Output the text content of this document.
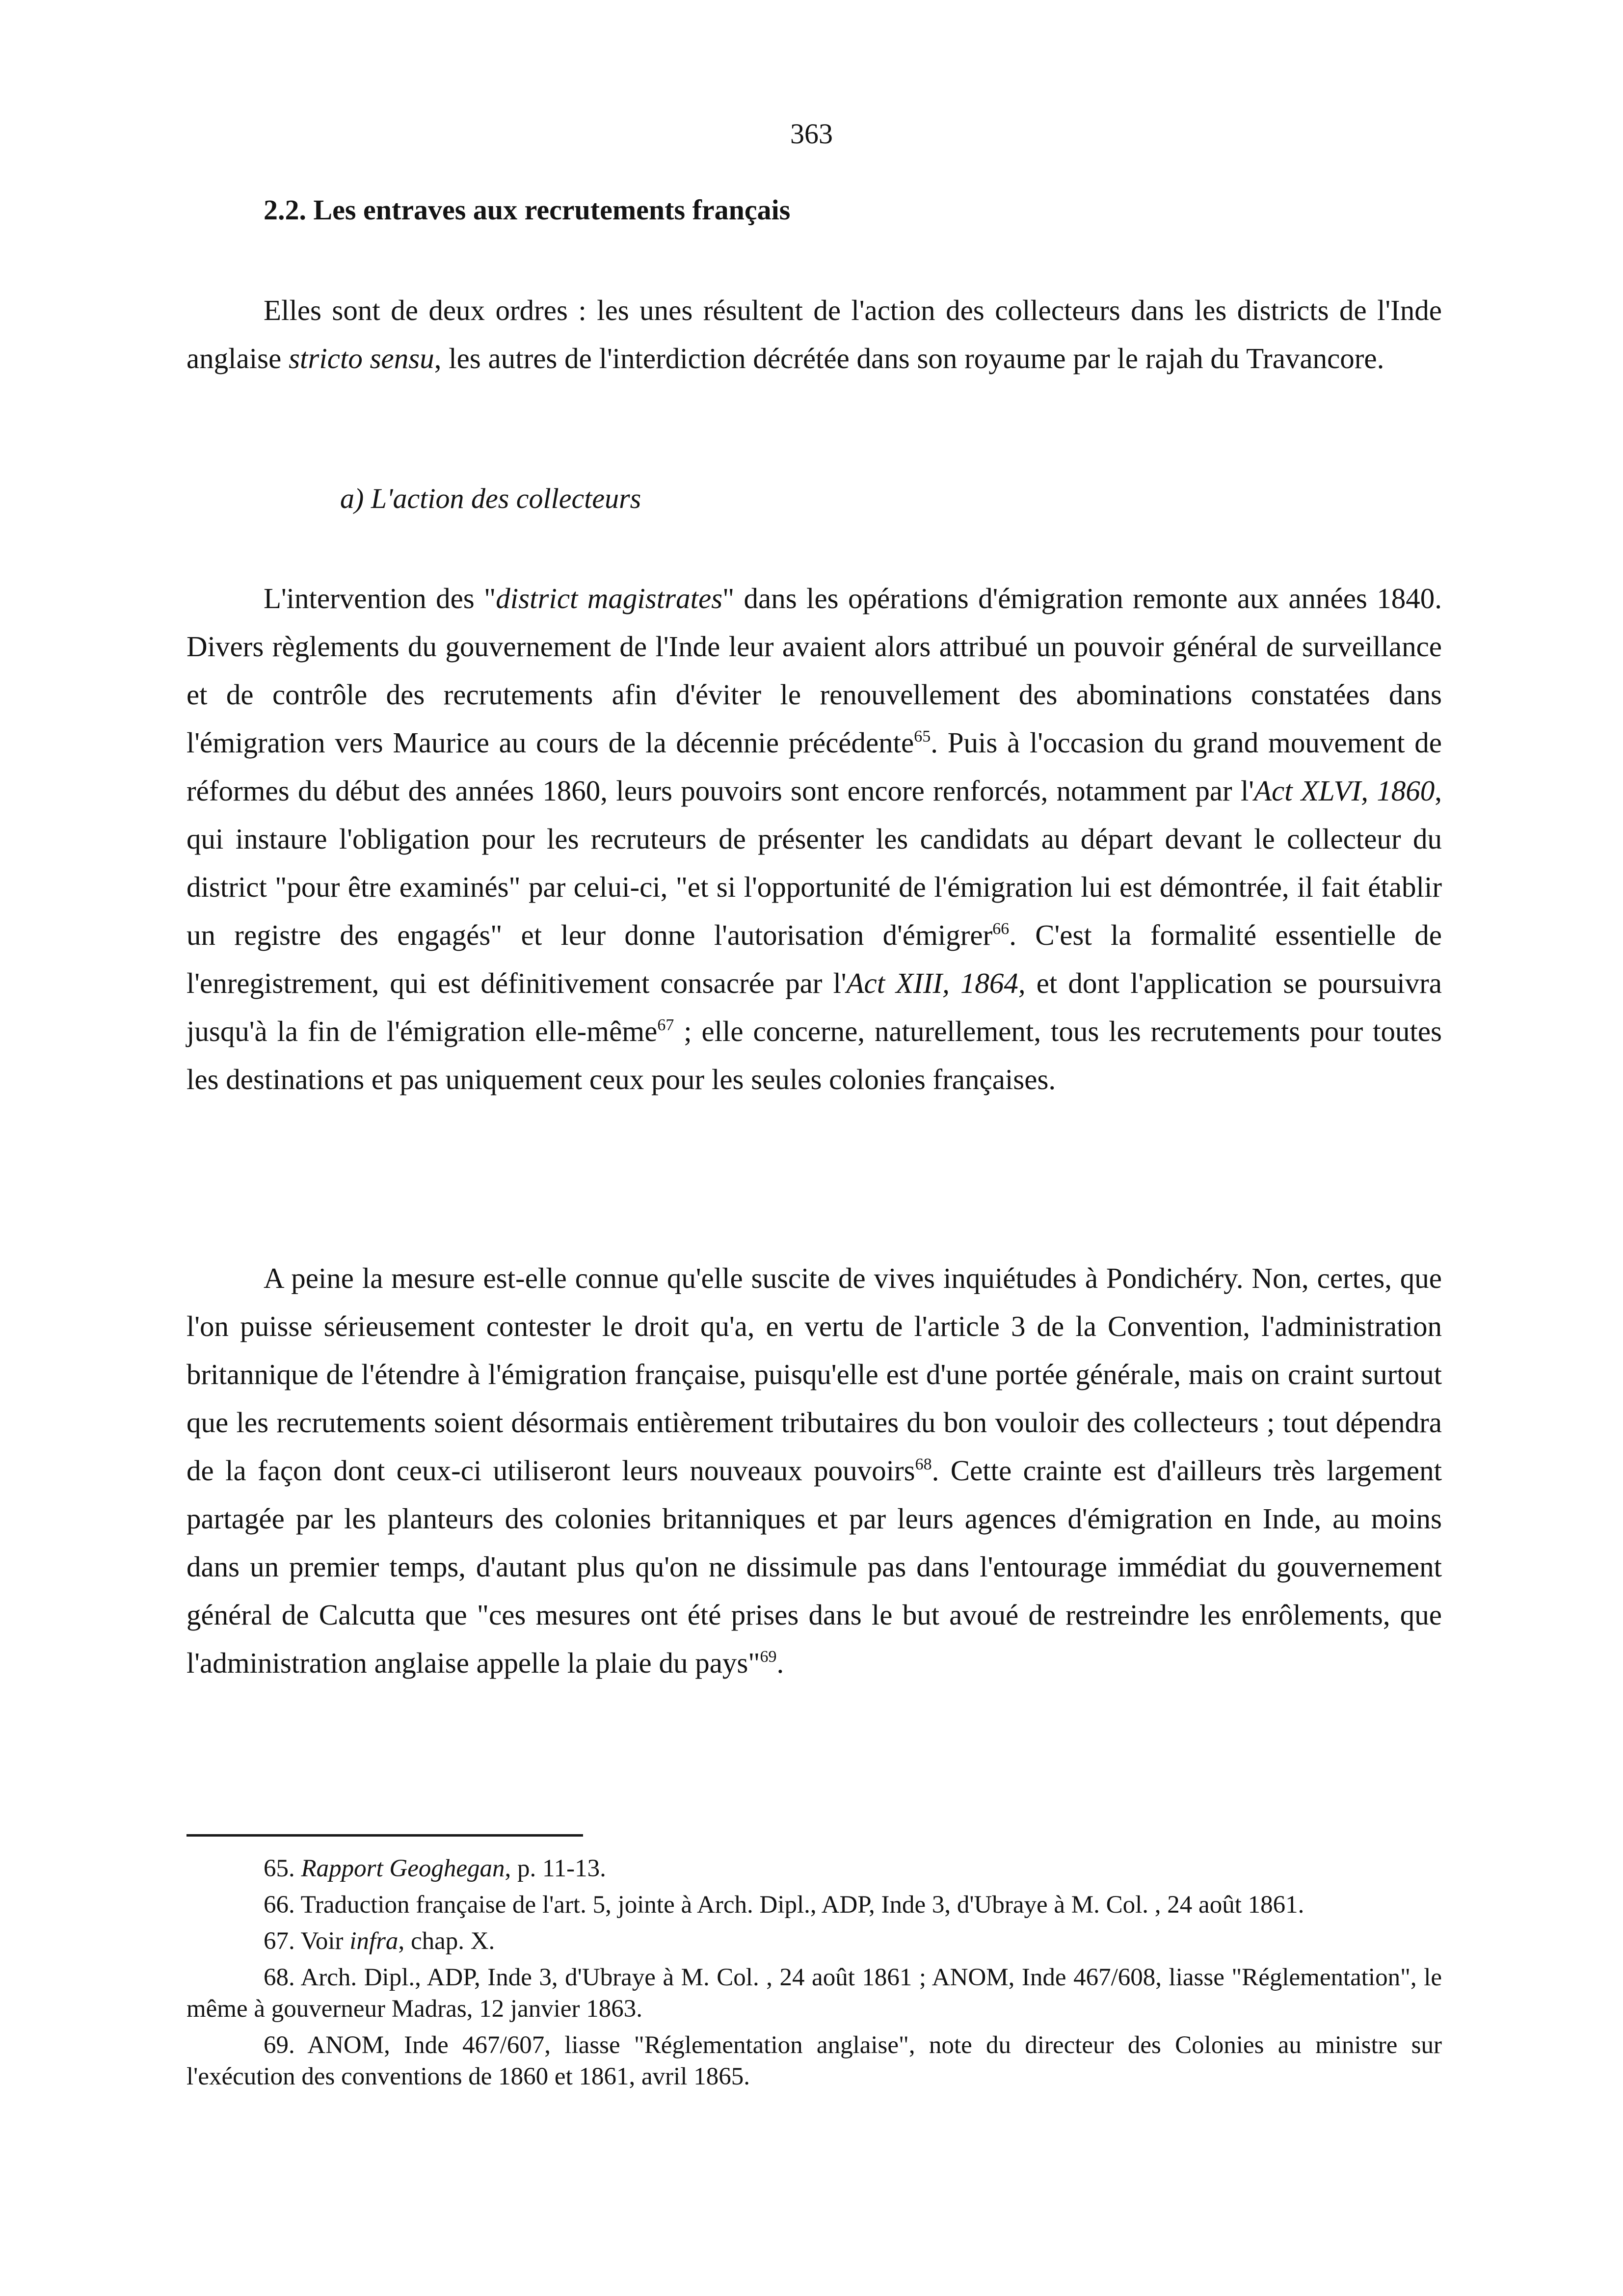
363
2.2. Les entraves aux recrutements français

Elles sont de deux ordres : les unes résultent de l'action des collecteurs dans les districts de l'Inde anglaise stricto sensu, les autres de l'interdiction décrétée dans son royaume par le rajah du Travancore.

a) L'action des collecteurs

L'intervention des "district magistrates" dans les opérations d'émigration remonte aux années 1840. Divers règlements du gouvernement de l'Inde leur avaient alors attribué un pouvoir général de surveillance et de contrôle des recrutements afin d'éviter le renouvellement des abominations constatées dans l'émigration vers Maurice au cours de la décennie précédente$^{65}$. Puis à l'occasion du grand mouvement de réformes du début des années 1860, leurs pouvoirs sont encore renforcés, notamment par l'Act XLVI, 1860, qui instaure l'obligation pour les recruteurs de présenter les candidats au départ devant le collecteur du district "pour être examinés" par celui-ci, "et si l'opportunité de l'émigration lui est démontrée, il fait établir un registre des engagés" et leur donne l'autorisation d'émigrer$^{66}$. C'est la formalité essentielle de l'enregistrement, qui est définitivement consacrée par l'Act XIII, 1864, et dont l'application se poursuivra jusqu'à la fin de l'émigration elle-même$^{67}$ ; elle concerne, naturellement, tous les recrutements pour toutes les destinations et pas uniquement ceux pour les seules colonies françaises.

A peine la mesure est-elle connue qu'elle suscite de vives inquiétudes à Pondichéry. Non, certes, que l'on puisse sérieusement contester le droit qu'a, en vertu de l'article 3 de la Convention, l'administration britannique de l'étendre à l'émigration française, puisqu'elle est d'une portée générale, mais on craint surtout que les recrutements soient désormais entièrement tributaires du bon vouloir des collecteurs ; tout dépendra de la façon dont ceux-ci utiliseront leurs nouveaux pouvoirs$^{68}$. Cette crainte est d'ailleurs très largement partagée par les planteurs des colonies britanniques et par leurs agences d'émigration en Inde, au moins dans un premier temps, d'autant plus qu'on ne dissimule pas dans l'entourage immédiat du gouvernement général de Calcutta que "ces mesures ont été prises dans le but avoué de restreindre les enrôlements, que l'administration anglaise appelle la plaie du pays"$^{69}$.

65. Rapport Geoghegan, p. 11-13.

66. Traduction française de l'art. 5, jointe à Arch. Dipl., ADP, Inde 3, d'Ubraye à M. Col. , 24 août 1861.

67. Voir infra, chap. X.

68. Arch. Dipl., ADP, Inde 3, d'Ubraye à M. Col. , 24 août 1861 ; ANOM, Inde 467/608, liasse "Réglementation", le même à gouverneur Madras, 12 janvier 1863.

69. ANOM, Inde 467/607, liasse "Réglementation anglaise", note du directeur des Colonies au ministre sur l'exécution des conventions de 1860 et 1861, avril 1865.
